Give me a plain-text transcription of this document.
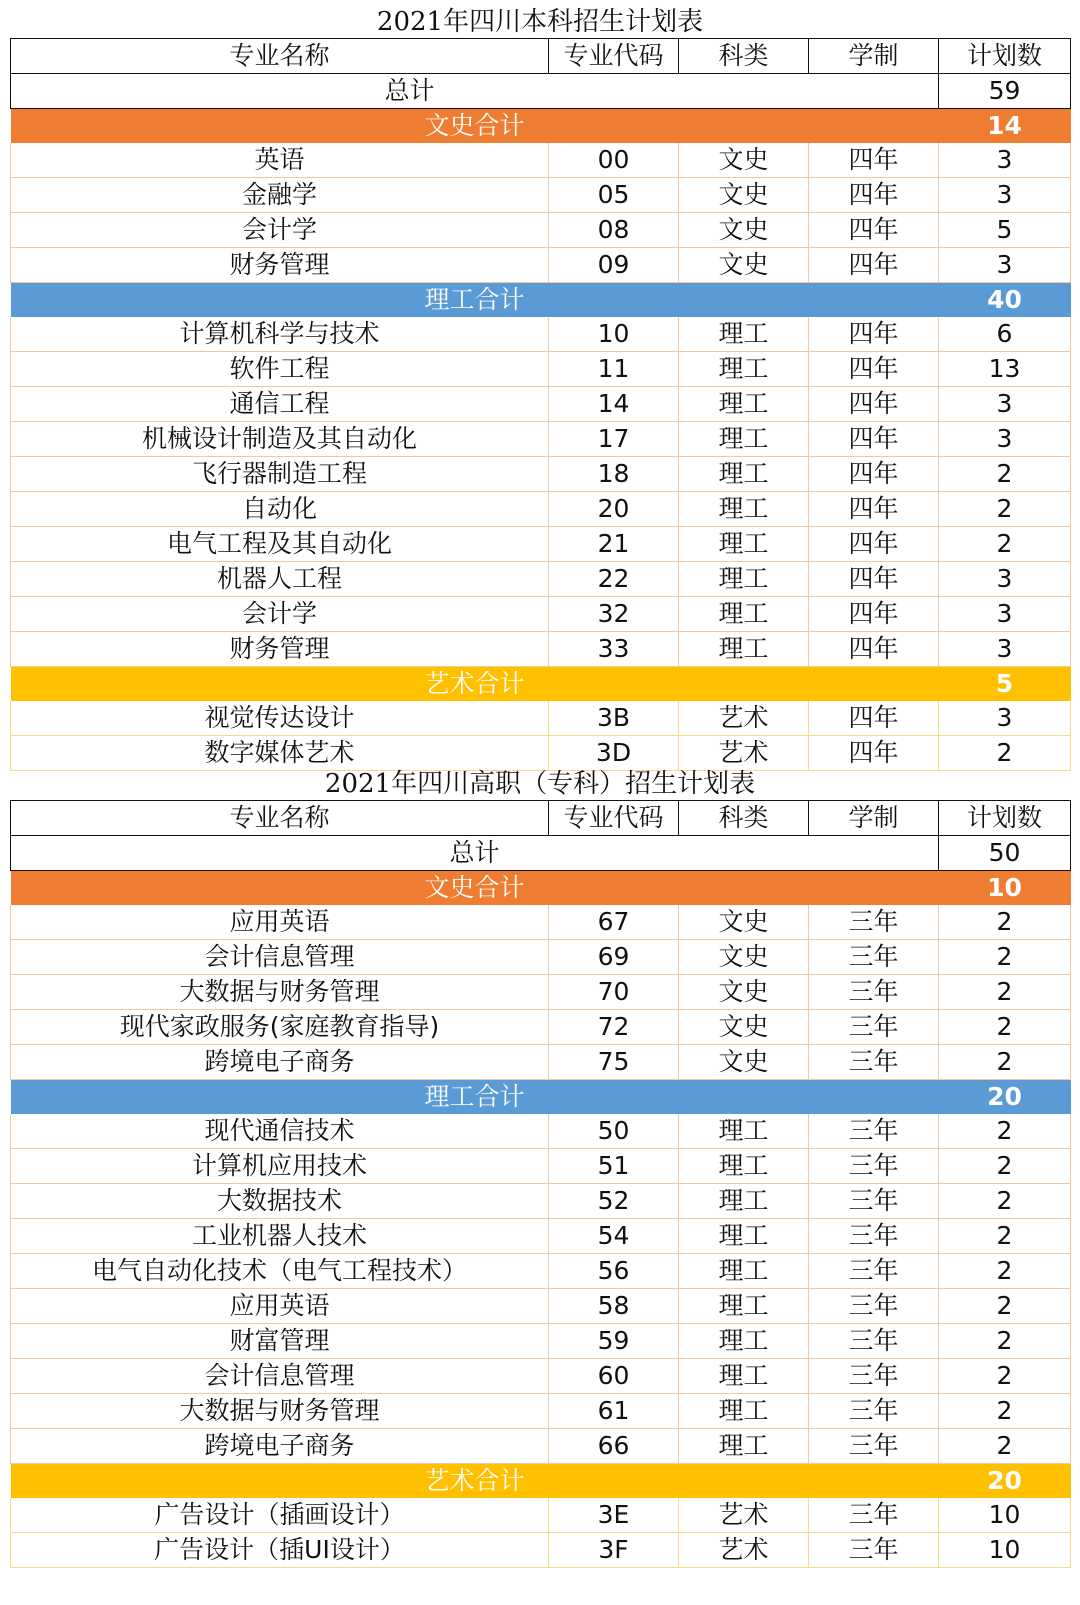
2021年四川本科招生计划表
专业名称	专业代码	科类	学制	计划数
总计				59
文史合计				14
英语	00	文史	四年	3
金融学	05	文史	四年	3
会计学	08	文史	四年	5
财务管理	09	文史	四年	3
理工合计				40
计算机科学与技术	10	理工	四年	6
软件工程	11	理工	四年	13
通信工程	14	理工	四年	3
机械设计制造及其自动化	17	理工	四年	3
飞行器制造工程	18	理工	四年	2
自动化	20	理工	四年	2
电气工程及其自动化	21	理工	四年	2
机器人工程	22	理工	四年	3
会计学	32	理工	四年	3
财务管理	33	理工	四年	3
艺术合计				5
视觉传达设计	3B	艺术	四年	3
数字媒体艺术	3D	艺术	四年	2
2021年四川高职（专科）招生计划表
专业名称	专业代码	科类	学制	计划数
总计				50
文史合计				10
应用英语	67	文史	三年	2
会计信息管理	69	文史	三年	2
大数据与财务管理	70	文史	三年	2
现代家政服务(家庭教育指导)	72	文史	三年	2
跨境电子商务	75	文史	三年	2
理工合计				20
现代通信技术	50	理工	三年	2
计算机应用技术	51	理工	三年	2
大数据技术	52	理工	三年	2
工业机器人技术	54	理工	三年	2
电气自动化技术（电气工程技术）	56	理工	三年	2
应用英语	58	理工	三年	2
财富管理	59	理工	三年	2
会计信息管理	60	理工	三年	2
大数据与财务管理	61	理工	三年	2
跨境电子商务	66	理工	三年	2
艺术合计				20
广告设计（插画设计）	3E	艺术	三年	10
广告设计（插UI设计）	3F	艺术	三年	10
